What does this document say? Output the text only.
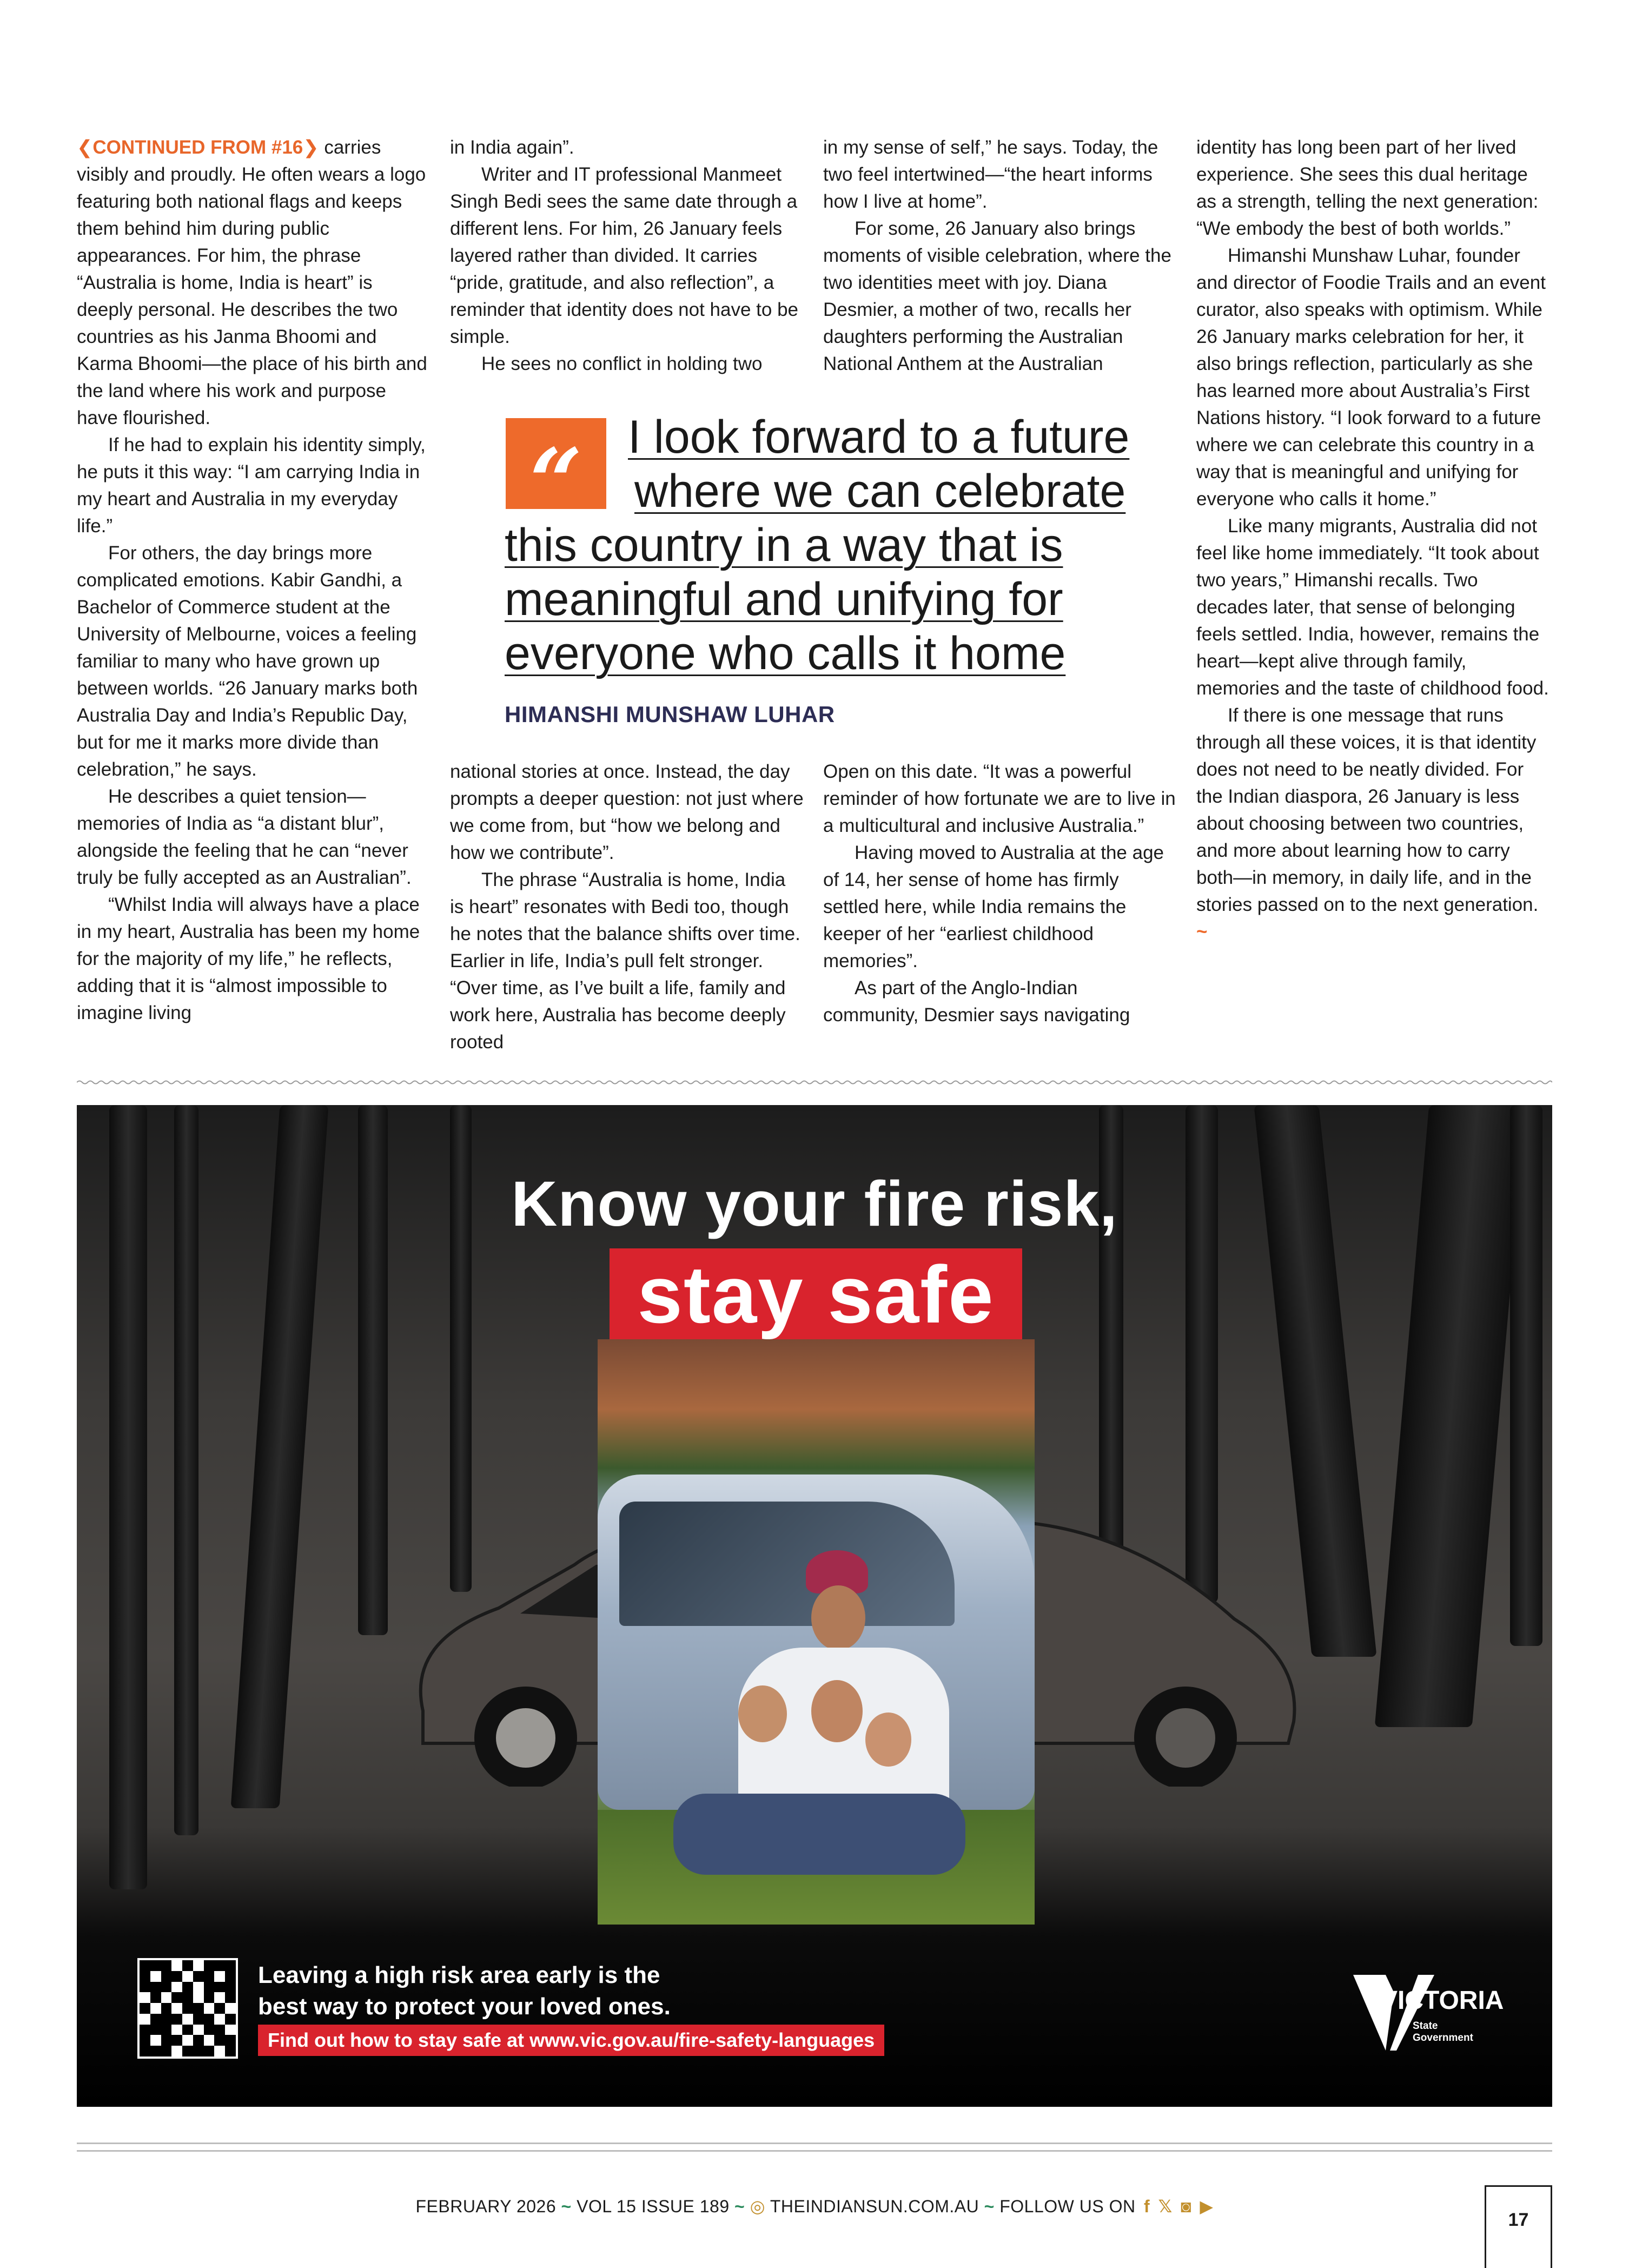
❮CONTINUED FROM #16❯ carries visibly and proudly. He often wears a logo featuring both national flags and keeps them behind him during public appearances. For him, the phrase “Australia is home, India is heart” is deeply personal. He describes the two countries as his Janma Bhoomi and Karma Bhoomi—the place of his birth and the land where his work and purpose have flourished.

If he had to explain his identity simply, he puts it this way: “I am carrying India in my heart and Australia in my everyday life.”

For others, the day brings more complicated emotions. Kabir Gandhi, a Bachelor of Commerce student at the University of Melbourne, voices a feeling familiar to many who have grown up between worlds. “26 January marks both Australia Day and India’s Republic Day, but for me it marks more divide than celebration,” he says.

He describes a quiet tension—memories of India as “a distant blur”, alongside the feeling that he can “never truly be fully accepted as an Australian”.

“Whilst India will always have a place in my heart, Australia has been my home for the majority of my life,” he reflects, adding that it is “almost impossible to imagine living

in India again”.

Writer and IT professional Manmeet Singh Bedi sees the same date through a different lens. For him, 26 January feels layered rather than divided. It carries “pride, gratitude, and also reflection”, a reminder that identity does not have to be simple.

He sees no conflict in holding two

in my sense of self,” he says. Today, the two feel intertwined—“the heart informs how I live at home”.

For some, 26 January also brings moments of visible celebration, where the two identities meet with joy. Diana Desmier, a mother of two, recalls her daughters performing the Australian National Anthem at the Australian

“ I look forward to a future
where we can celebrate
this country in a way that is
meaningful and unifying for
everyone who calls it home
HIMANSHI MUNSHAW LUHAR

national stories at once. Instead, the day prompts a deeper question: not just where we come from, but “how we belong and how we contribute”.

The phrase “Australia is home, India is heart” resonates with Bedi too, though he notes that the balance shifts over time. Earlier in life, India’s pull felt stronger. “Over time, as I’ve built a life, family and work here, Australia has become deeply rooted

Open on this date. “It was a powerful reminder of how fortunate we are to live in a multicultural and inclusive Australia.”

Having moved to Australia at the age of 14, her sense of home has firmly settled here, while India remains the keeper of her “earliest childhood memories”.

As part of the Anglo-Indian community, Desmier says navigating

identity has long been part of her lived experience. She sees this dual heritage as a strength, telling the next generation: “We embody the best of both worlds.”

Himanshi Munshaw Luhar, founder and director of Foodie Trails and an event curator, also speaks with optimism. While 26 January marks celebration for her, it also brings reflection, particularly as she has learned more about Australia’s First Nations history. “I look forward to a future where we can celebrate this country in a way that is meaningful and unifying for everyone who calls it home.”

Like many migrants, Australia did not feel like home immediately. “It took about two years,” Himanshi recalls. Two decades later, that sense of belonging feels settled. India, however, remains the heart—kept alive through family, memories and the taste of childhood food.

If there is one message that runs through all these voices, it is that identity does not need to be neatly divided. For the Indian diaspora, 26 January is less about choosing between two countries, and more about learning how to carry both—in memory, in daily life, and in the stories passed on to the next generation. ~

Know your fire risk,
stay safe
Leaving a high risk area early is the
best way to protect your loved ones.
Find out how to stay safe at www.vic.gov.au/fire-safety-languages
VICTORIA
State
Government
FEBRUARY 2026 ~ VOL 15 ISSUE 189 ~ ◎ THEINDIANSUN.COM.AU ~ FOLLOW US ON f 𝕏 ◙ ▶
17
